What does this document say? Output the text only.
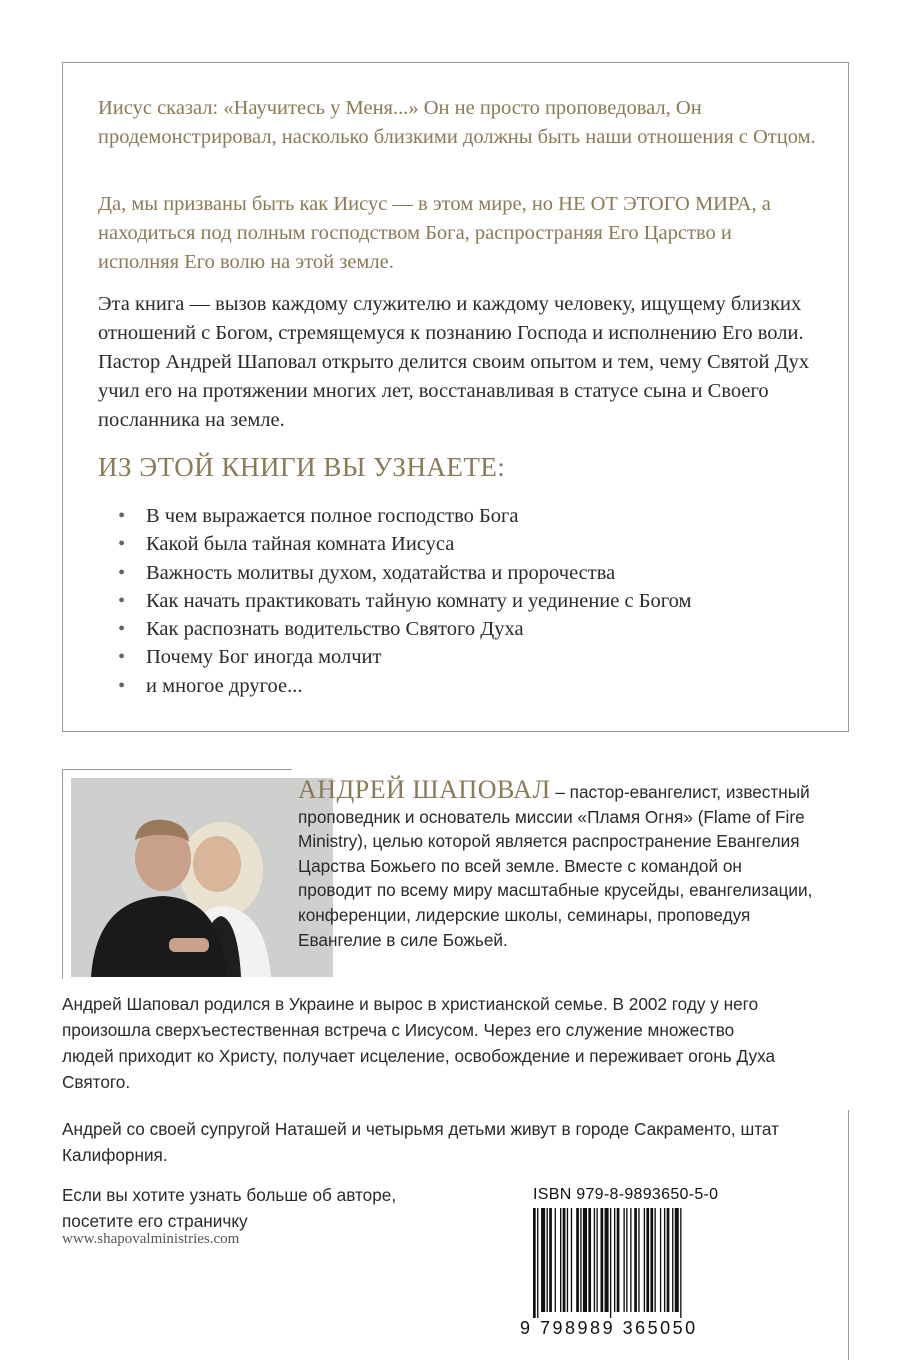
Иисус сказал: «Научитесь у Меня...» Он не просто проповедовал, Он продемонстрировал, насколько близкими должны быть наши отношения с Отцом.

Да, мы призваны быть как Иисус — в этом мире, но НЕ ОТ ЭТОГО МИРА, а находиться под полным господством Бога, распространяя Его Царство и исполняя Его волю на этой земле.

Эта книга — вызов каждому служителю и каждому человеку, ищущему близких отношений с Богом, стремящемуся к познанию Господа и исполнению Его воли. Пастор Андрей Шаповал открыто делится своим опытом и тем, чему Святой Дух учил его на протяжении многих лет, восстанавливая в статусе сына и Своего посланника на земле.

ИЗ ЭТОЙ КНИГИ ВЫ УЗНАЕТЕ:
• В чем выражается полное господство Бога
• Какой была тайная комната Иисуса
• Важность молитвы духом, ходатайства и пророчества
• Как начать практиковать тайную комнату и уединение с Богом
• Как распознать водительство Святого Духа
• Почему Бог иногда молчит
• и многое другое...

АНДРЕЙ ШАПОВАЛ – пастор-евангелист, известный проповедник и основатель миссии «Пламя Огня» (Flame of Fire Ministry), целью которой является распространение Евангелия Царства Божьего по всей земле. Вместе с командой он проводит по всему миру масштабные крусейды, евангелизации, конференции, лидерские школы, семинары, проповедуя Евангелие в силе Божьей.

Андрей Шаповал родился в Украине и вырос в христианской семье. В 2002 году у него произошла сверхъестественная встреча с Иисусом. Через его служение множество людей приходит ко Христу, получает исцеление, освобождение и переживает огонь Духа Святого.

Андрей со своей супругой Наташей и четырьмя детьми живут в городе Сакраменто, штат Калифорния.

Если вы хотите узнать больше об авторе, посетите его страничку

www.shapovalministries.com

ISBN 979-8-9893650-5-0

9 798989 365050
